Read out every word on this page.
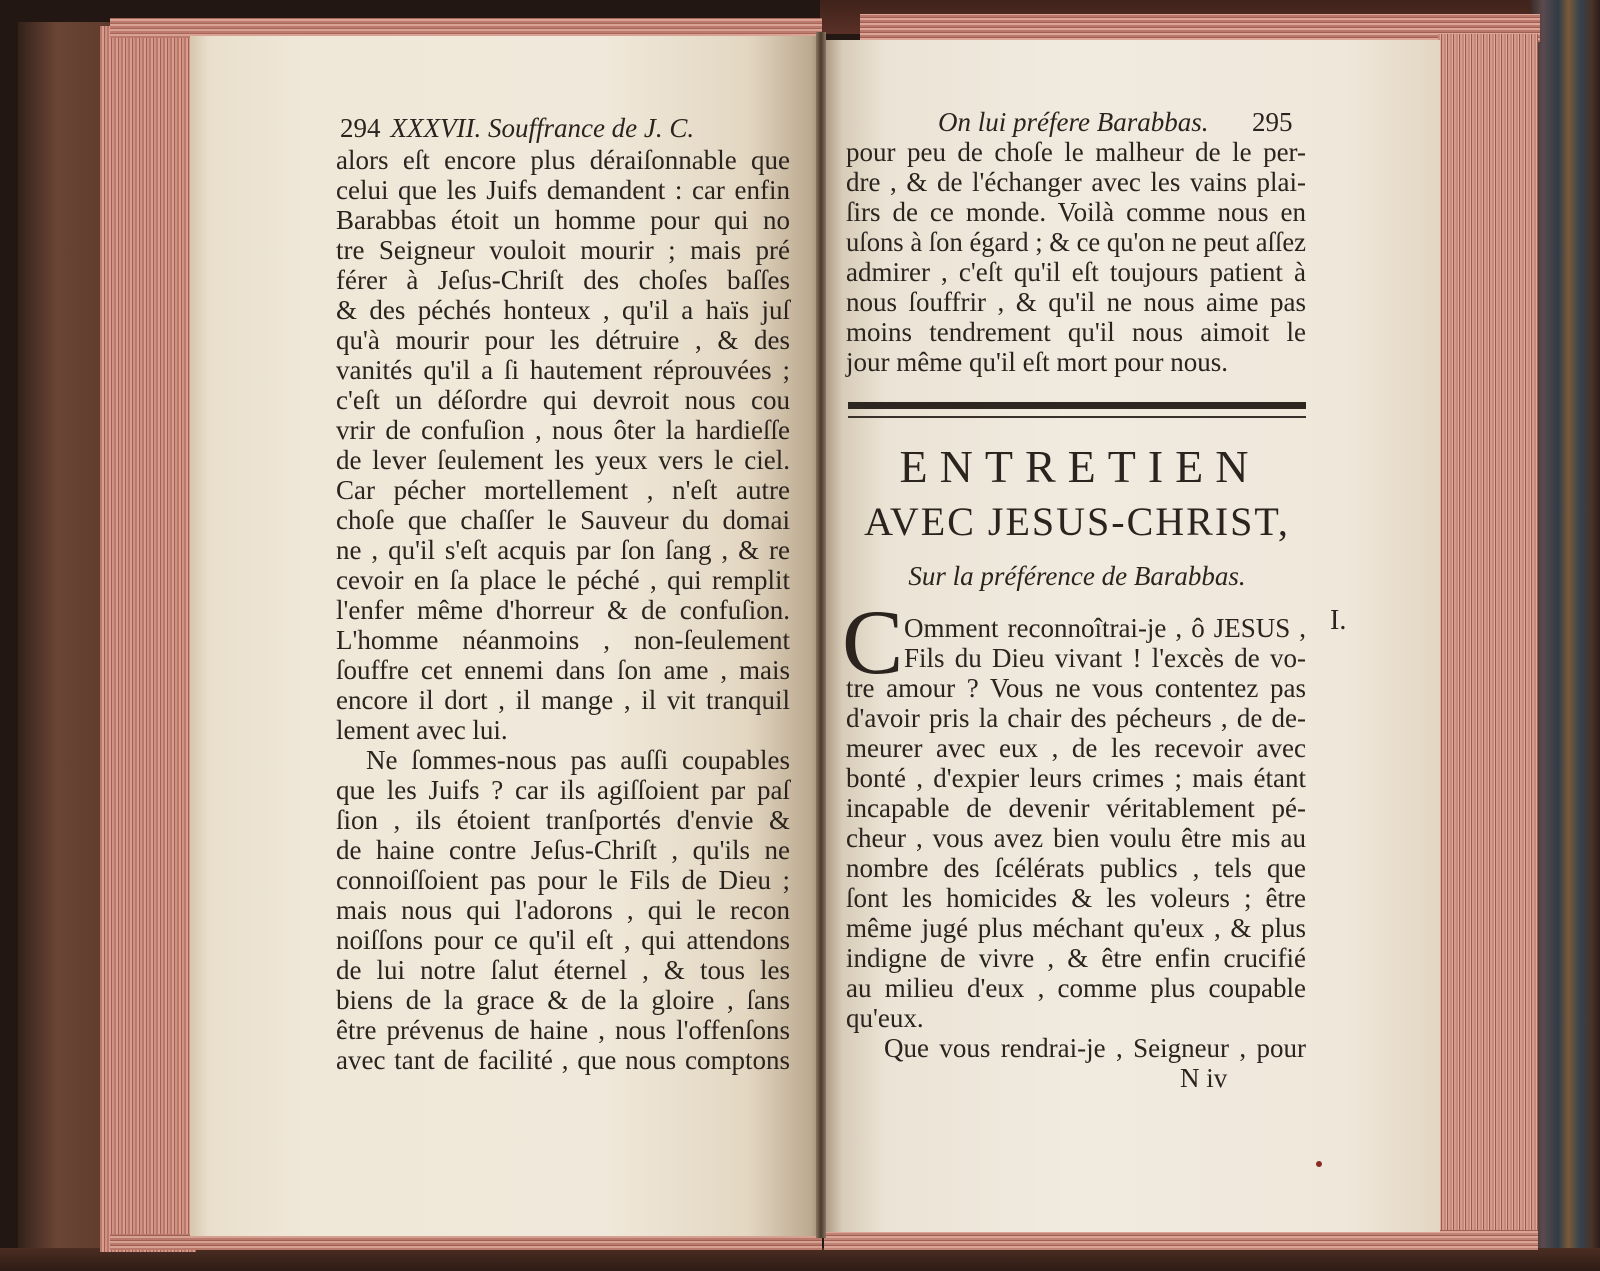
294 XXXVII. Souffrance de J. C.
alors eſt encore plus déraiſonnable que
celui que les Juifs demandent : car enfin
Barabbas étoit un homme pour qui no
tre Seigneur vouloit mourir ; mais pré
férer à Jeſus-Chriſt des choſes baſſes
& des péchés honteux , qu'il a haïs juſ
qu'à mourir pour les détruire , & des
vanités qu'il a ſi hautement réprouvées ;
c'eſt un déſordre qui devroit nous cou
vrir de confuſion , nous ôter la hardieſſe
de lever ſeulement les yeux vers le ciel.
Car pécher mortellement , n'eſt autre
choſe que chaſſer le Sauveur du domai
ne , qu'il s'eſt acquis par ſon ſang , & re
cevoir en ſa place le péché , qui remplit
l'enfer même d'horreur & de confuſion.
L'homme néanmoins , non-ſeulement
ſouffre cet ennemi dans ſon ame , mais
encore il dort , il mange , il vit tranquil
lement avec lui.
Ne ſommes-nous pas auſſi coupables
que les Juifs ? car ils agiſſoient par paſ
ſion , ils étoient tranſportés d'envie &
de haine contre Jeſus-Chriſt , qu'ils ne
connoiſſoient pas pour le Fils de Dieu ;
mais nous qui l'adorons , qui le recon
noiſſons pour ce qu'il eſt , qui attendons
de lui notre ſalut éternel , & tous les
biens de la grace & de la gloire , ſans
être prévenus de haine , nous l'offenſons
avec tant de facilité , que nous comptons
On lui préfere Barabbas. 295
pour peu de choſe le malheur de le per-
dre , & de l'échanger avec les vains plai-
ſirs de ce monde. Voilà comme nous en
uſons à ſon égard ; & ce qu'on ne peut aſſez
admirer , c'eſt qu'il eſt toujours patient à
nous ſouffrir , & qu'il ne nous aime pas
moins tendrement qu'il nous aimoit le
jour même qu'il eſt mort pour nous.
ENTRETIEN
AVEC JESUS-CHRIST,
Sur la préférence de Barabbas.
C	I.
Omment reconnoîtrai-je , ô JESUS ,
Fils du Dieu vivant ! l'excès de vo-
tre amour ? Vous ne vous contentez pas
d'avoir pris la chair des pécheurs , de de-
meurer avec eux , de les recevoir avec
bonté , d'expier leurs crimes ; mais étant
incapable de devenir véritablement pé-
cheur , vous avez bien voulu être mis au
nombre des ſcélérats publics , tels que
ſont les homicides & les voleurs ; être
même jugé plus méchant qu'eux , & plus
indigne de vivre , & être enfin crucifié
au milieu d'eux , comme plus coupable
qu'eux.
Que vous rendrai-je , Seigneur , pour
N iv
